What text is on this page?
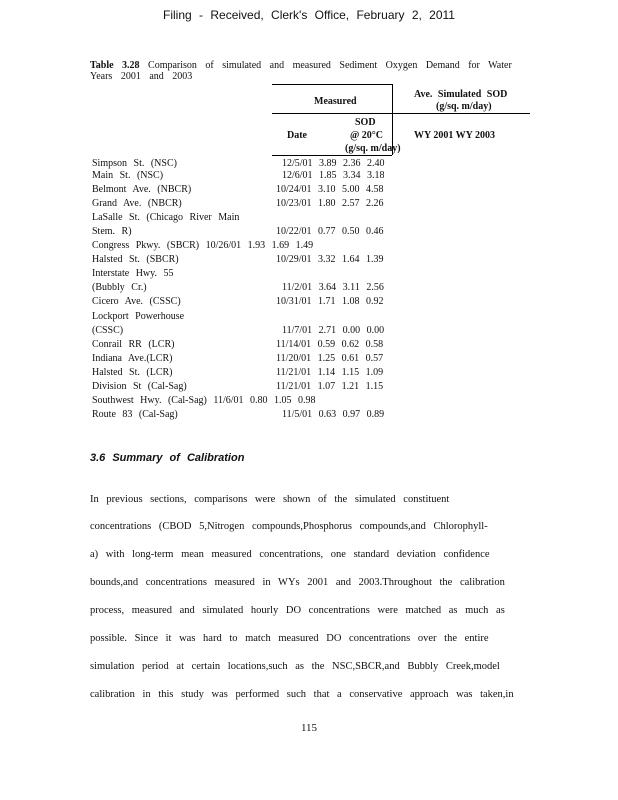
Filing - Received, Clerk's Office, February 2, 2011
Table 3.28 Comparison of simulated and measured Sediment Oxygen Demand for Water Years 2001 and 2003
Measured
Ave. Simulated SOD
(g/sq. m/day)
SOD
@ 20°C
(g/sq. m/day)
Date	WY 2001 WY 2003
Simpson St. (NSC)	12/5/01 3.89 2.36 2.40
Main St. (NSC)	12/6/01 1.85 3.34 3.18
Belmont Ave. (NBCR)	10/24/01 3.10 5.00 4.58
Grand Ave. (NBCR)	10/23/01 1.80 2.57 2.26
LaSalle St. (Chicago River Main
Stem. R)	10/22/01 0.77 0.50 0.46
Congress Pkwy. (SBCR) 10/26/01 1.93 1.69 1.49
Halsted St. (SBCR)	10/29/01 3.32 1.64 1.39
Interstate Hwy. 55
(Bubbly Cr.)	11/2/01 3.64 3.11 2.56
Cicero Ave. (CSSC)	10/31/01 1.71 1.08 0.92
Lockport Powerhouse
(CSSC)	11/7/01 2.71 0.00 0.00
Conrail RR (LCR)	11/14/01 0.59 0.62 0.58
Indiana Ave.(LCR)	11/20/01 1.25 0.61 0.57
Halsted St. (LCR)	11/21/01 1.14 1.15 1.09
Division St (Cal-Sag)	11/21/01 1.07 1.21 1.15
Southwest Hwy. (Cal-Sag) 11/6/01 0.80 1.05 0.98
Route 83 (Cal-Sag)	11/5/01 0.63 0.97 0.89
3.6 Summary of Calibration
In previous sections, comparisons were shown of the simulated constituent
concentrations (CBOD 5,Nitrogen compounds,Phosphorus compounds,and Chlorophyll-
a) with long-term mean measured concentrations, one standard deviation confidence
bounds,and concentrations measured in WYs 2001 and 2003.Throughout the calibration
process, measured and simulated hourly DO concentrations were matched as much as
possible. Since it was hard to match measured DO concentrations over the entire
simulation period at certain locations,such as the NSC,SBCR,and Bubbly Creek,model
calibration in this study was performed such that a conservative approach was taken,in
115
